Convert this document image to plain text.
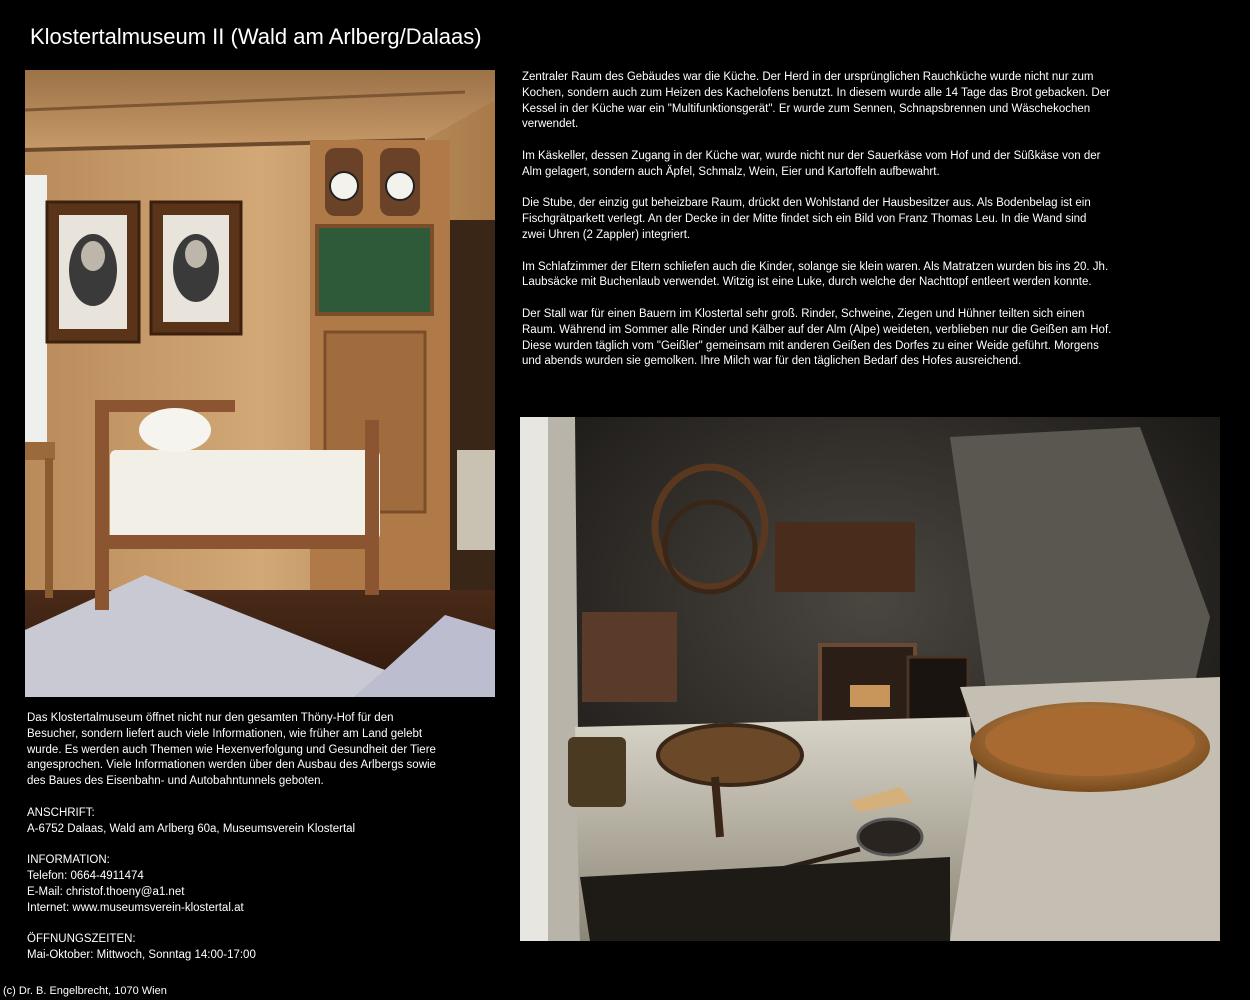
Klostertalmuseum II (Wald am Arlberg/Dalaas)

Zentraler Raum des Gebäudes war die Küche. Der Herd in der ursprünglichen Rauchküche wurde nicht nur zum Kochen, sondern auch zum Heizen des Kachelofens benutzt. In diesem wurde alle 14 Tage das Brot gebacken. Der Kessel in der Küche war ein "Multifunktionsgerät". Er wurde zum Sennen, Schnapsbrennen und Wäschekochen verwendet.

Im Käskeller, dessen Zugang in der Küche war, wurde nicht nur der Sauerkäse vom Hof und der Süßkäse von der Alm gelagert, sondern auch Äpfel, Schmalz, Wein, Eier und Kartoffeln aufbewahrt.

Die Stube, der einzig gut beheizbare Raum, drückt den Wohlstand der Hausbesitzer aus. Als Bodenbelag ist ein Fischgrätparkett verlegt. An der Decke in der Mitte findet sich ein Bild von Franz Thomas Leu. In die Wand sind zwei Uhren (2 Zappler) integriert.

Im Schlafzimmer der Eltern schliefen auch die Kinder, solange sie klein waren. Als Matratzen wurden bis ins 20. Jh. Laubsäcke mit Buchenlaub verwendet. Witzig ist eine Luke, durch welche der Nachttopf entleert werden konnte.

Der Stall war für einen Bauern im Klostertal sehr groß. Rinder, Schweine, Ziegen und Hühner teilten sich einen Raum. Während im Sommer alle Rinder und Kälber auf der Alm (Alpe) weideten, verblieben nur die Geißen am Hof. Diese wurden täglich vom "Geißler" gemeinsam mit anderen Geißen des Dorfes zu einer Weide geführt. Morgens und abends wurden sie gemolken. Ihre Milch war für den täglichen Bedarf des Hofes ausreichend.

Das Klostertalmuseum öffnet nicht nur den gesamten Thöny-Hof für den Besucher, sondern liefert auch viele Informationen, wie früher am Land gelebt wurde. Es werden auch Themen wie Hexenverfolgung und Gesundheit der Tiere angesprochen. Viele Informationen werden über den Ausbau des Arlbergs sowie des Baues des Eisenbahn- und Autobahntunnels geboten.

ANSCHRIFT:
A-6752 Dalaas, Wald am Arlberg 60a, Museumsverein Klostertal

INFORMATION:
Telefon: 0664-4911474
E-Mail: christof.thoeny@a1.net
Internet: www.museumsverein-klostertal.at

ÖFFNUNGSZEITEN:
Mai-Oktober: Mittwoch, Sonntag 14:00-17:00

(c) Dr. B. Engelbrecht, 1070 Wien
